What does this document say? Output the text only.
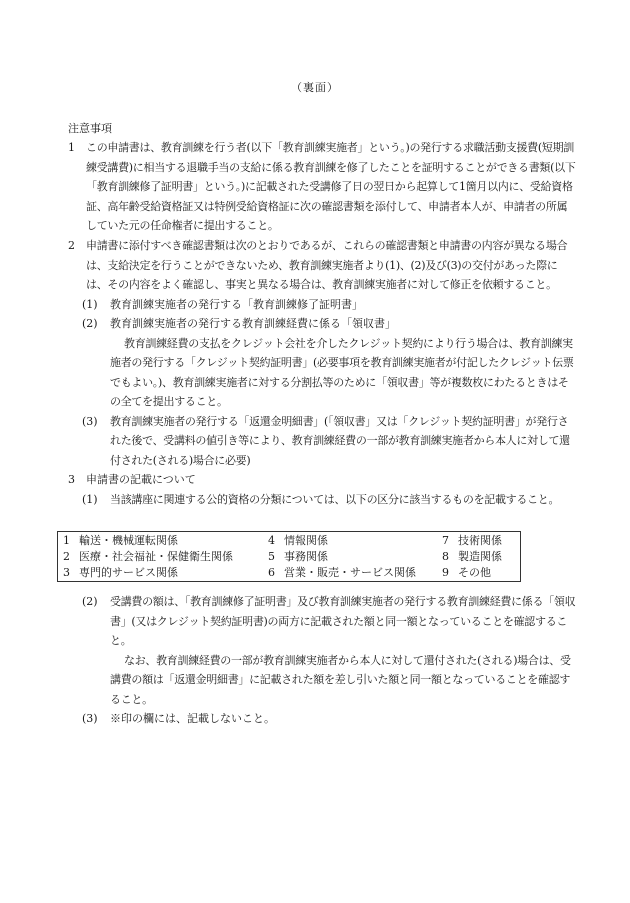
（裏面）
注意事項
1 この申請書は、教育訓練を行う者(以下「教育訓練実施者」という。)の発行する求職活動支援費(短期訓練受講費)に相当する退職手当の支給に係る教育訓練を修了したことを証明することができる書類(以下「教育訓練修了証明書」という。)に記載された受講修了日の翌日から起算して1箇月以内に、受給資格証、高年齢受給資格証又は特例受給資格証に次の確認書類を添付して、申請者本人が、申請者の所属していた元の任命権者に提出すること。

2 申請書に添付すべき確認書類は次のとおりであるが、これらの確認書類と申請書の内容が異なる場合は、支給決定を行うことができないため、教育訓練実施者より(1)、(2)及び(3)の交付があった際には、その内容をよく確認し、事実と異なる場合は、教育訓練実施者に対して修正を依頼すること。

(1) 教育訓練実施者の発行する「教育訓練修了証明書」

(2) 教育訓練実施者の発行する教育訓練経費に係る「領収書」

教育訓練経費の支払をクレジット会社を介したクレジット契約により行う場合は、教育訓練実施者の発行する「クレジット契約証明書」(必要事項を教育訓練実施者が付記したクレジット伝票でもよい。)、教育訓練実施者に対する分割払等のために「領収書」等が複数枚にわたるときはその全てを提出すること。

(3) 教育訓練実施者の発行する「返還金明細書」(「領収書」又は「クレジット契約証明書」が発行された後で、受講料の値引き等により、教育訓練経費の一部が教育訓練実施者から本人に対して還付された(される)場合に必要)

3 申請書の記載について

(1) 当該講座に関連する公的資格の分類については、以下の区分に該当するものを記載すること。

1 輸送・機械運転関係
2 医療・社会福祉・保健衛生関係
3 専門的サービス関係
4 情報関係
5 事務関係
6 営業・販売・サービス関係
7 技術関係
8 製造関係
9 その他
(2) 受講費の額は、「教育訓練修了証明書」及び教育訓練実施者の発行する教育訓練経費に係る「領収書」(又はクレジット契約証明書)の両方に記載された額と同一額となっていることを確認すること。

なお、教育訓練経費の一部が教育訓練実施者から本人に対して還付された(される)場合は、受講費の額は「返還金明細書」に記載された額を差し引いた額と同一額となっていることを確認すること。

(3) ※印の欄には、記載しないこと。
